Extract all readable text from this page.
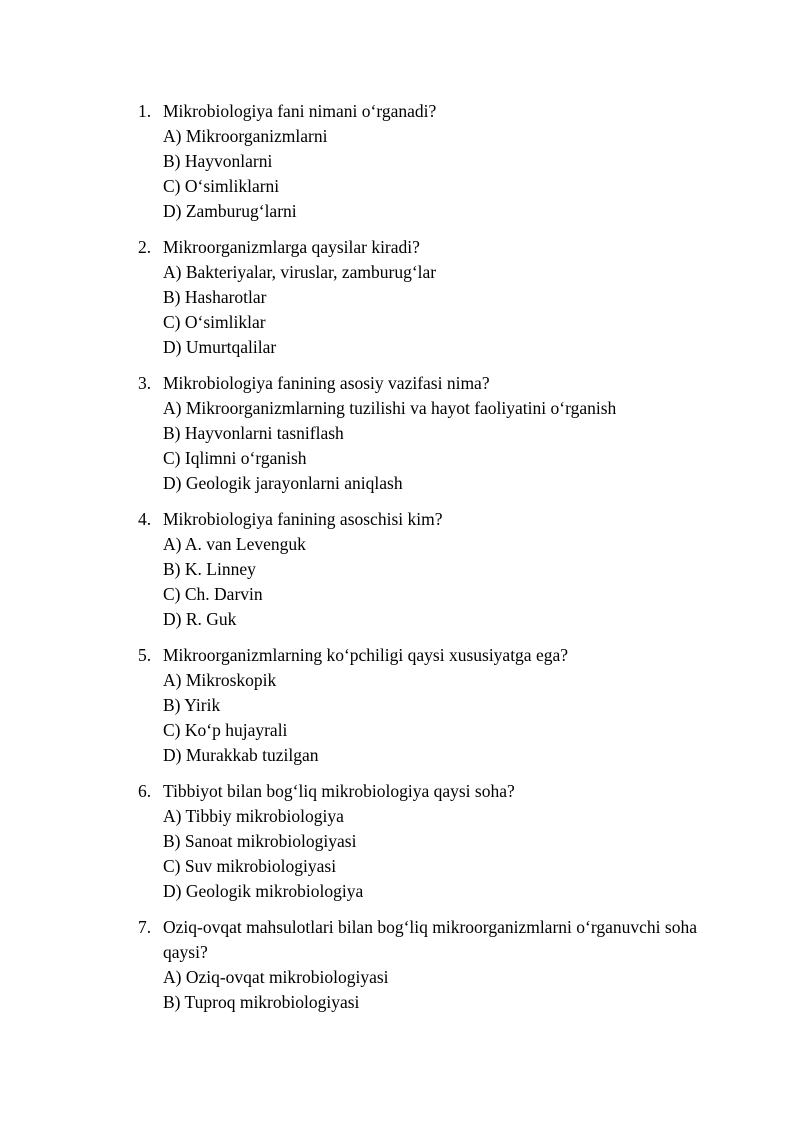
1. Mikrobiologiya fani nimani o‘rganadi?
A) Mikroorganizmlarni
B) Hayvonlarni
C) O‘simliklarni
D) Zamburug‘larni
2. Mikroorganizmlarga qaysilar kiradi?
A) Bakteriyalar, viruslar, zamburug‘lar
B) Hasharotlar
C) O‘simliklar
D) Umurtqalilar
3. Mikrobiologiya fanining asosiy vazifasi nima?
A) Mikroorganizmlarning tuzilishi va hayot faoliyatini o‘rganish
B) Hayvonlarni tasniflash
C) Iqlimni o‘rganish
D) Geologik jarayonlarni aniqlash
4. Mikrobiologiya fanining asoschisi kim?
A) A. van Levenguk
B) K. Linney
C) Ch. Darvin
D) R. Guk
5. Mikroorganizmlarning ko‘pchiligi qaysi xususiyatga ega?
A) Mikroskopik
B) Yirik
C) Ko‘p hujayrali
D) Murakkab tuzilgan
6. Tibbiyot bilan bog‘liq mikrobiologiya qaysi soha?
A) Tibbiy mikrobiologiya
B) Sanoat mikrobiologiyasi
C) Suv mikrobiologiyasi
D) Geologik mikrobiologiya
7. Oziq-ovqat mahsulotlari bilan bog‘liq mikroorganizmlarni o‘rganuvchi soha qaysi?
A) Oziq-ovqat mikrobiologiyasi
B) Tuproq mikrobiologiyasi
